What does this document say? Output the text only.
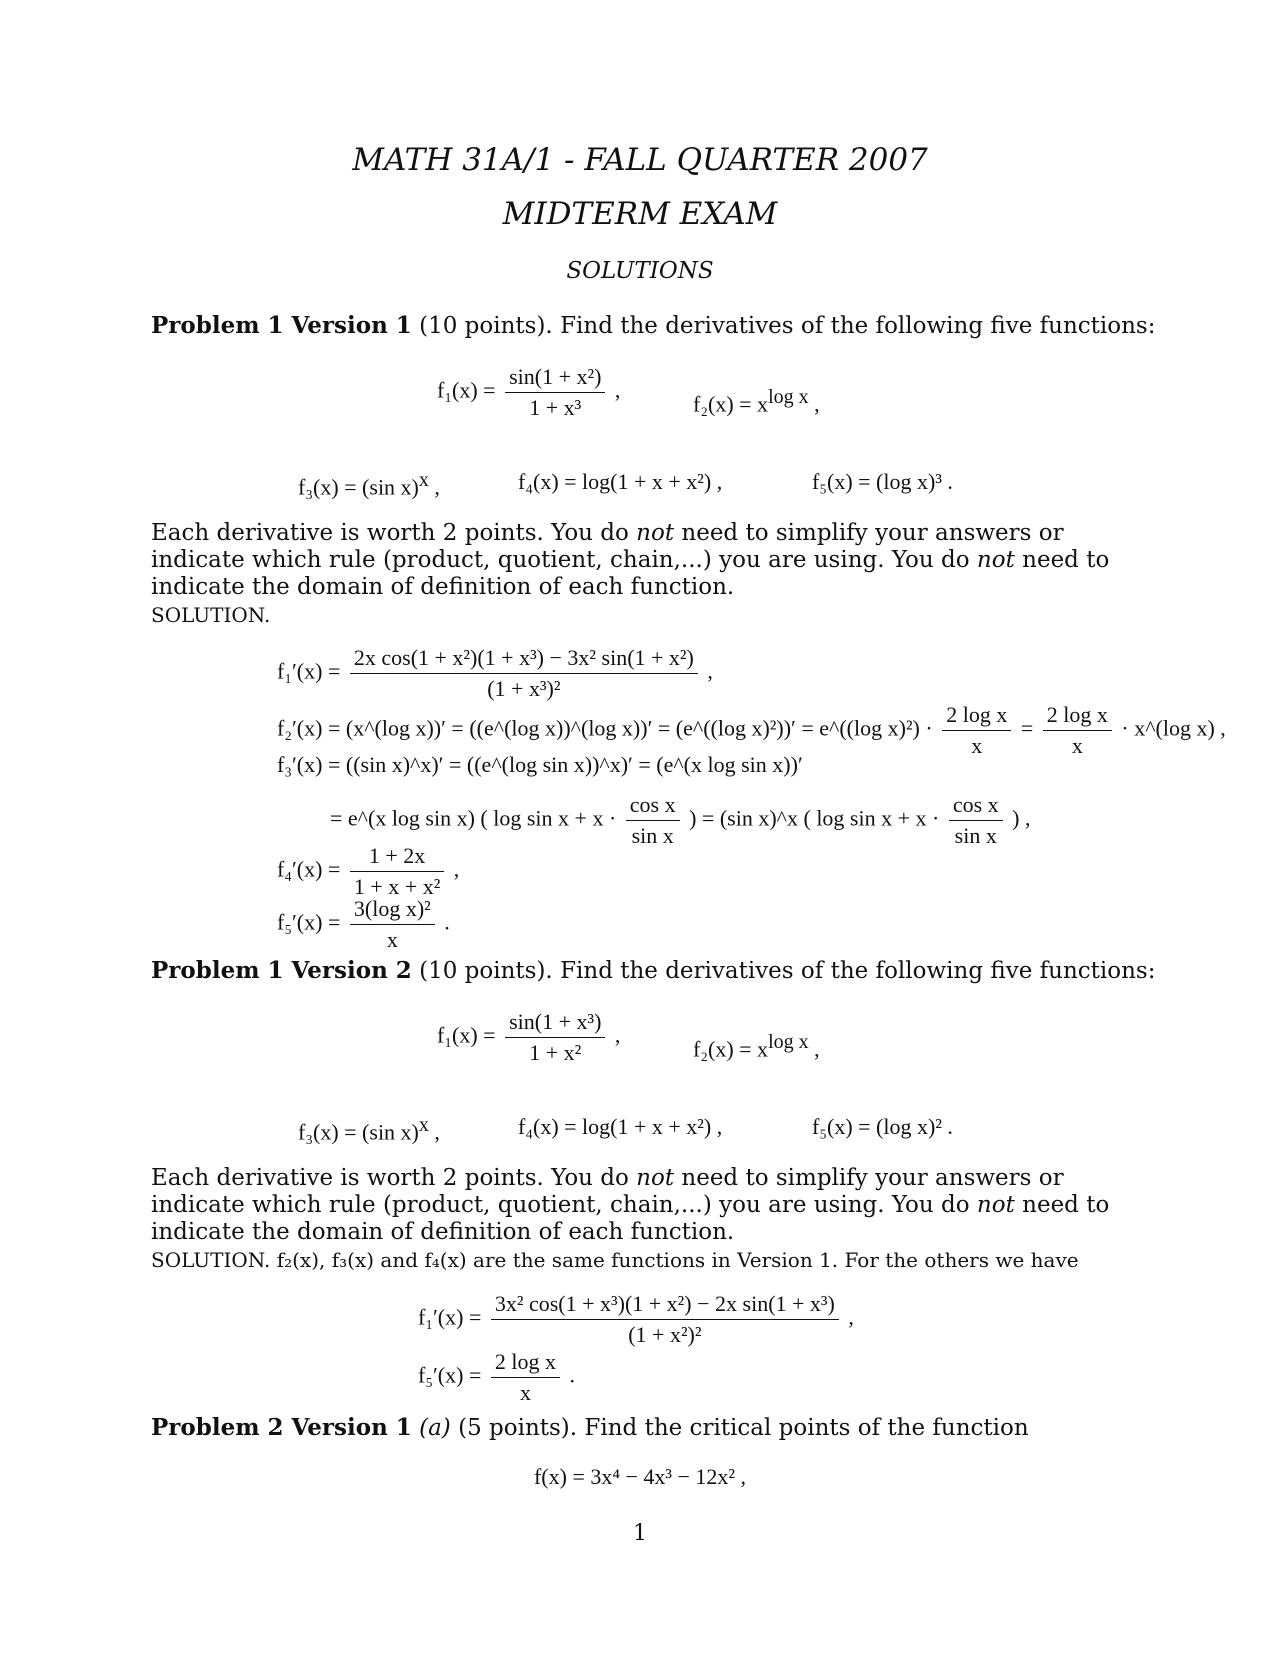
MATH 31A/1 - FALL QUARTER 2007
MIDTERM EXAM
SOLUTIONS
Problem 1 Version 1 (10 points). Find the derivatives of the following five functions:
$f_1(x) = \frac{\text{sin(1 + x²)}}{\text{1 + x³}}$ ,
$f_2(x) = x^{log x}$ ,
f₃(x) = (sin x)$^x$ ,	f₄(x) = log(1 + x + x²) ,	f₅(x) = (log x)³ .
Each derivative is worth 2 points. You do not need to simplify your answers or indicate which rule (product, quotient, chain,...) you are using. You do not need to indicate the domain of definition of each function.
SOLUTION.
$f_1'(x) = \frac{\text{2x cos(1 + x²)(1 + x³) − 3x² sin(1 + x²)}}{\text{(1 + x³)²}}$ ,
f₂′(x) = (x^(log x))′ = ((e^(log x))^(log x))′ = (e^((log x)²))′ = e^((log $x)^2) \cdot \frac{\text{2 log x}}{x} = \frac{\text{2 log x}}{x}$ · x^(log x) ,
f₃′(x) = ((sin x)^x)′ = ((e^(log sin x))^x)′ = (e^(x log sin x))′
= e^(x log sin x) ( $\log \sin x + x \cdot \frac{\text{cos x}}{\text{sin x}}$ ) = (sin x)^x ( $\log \sin x + x \cdot \frac{\text{cos x}}{\text{sin x}}$ ) ,
$f_4'(x) = \frac{1 + 2x}{\text{1 + x + x²}}$ ,
$f_5'(x) = \frac{\text{3(log x)²}}{x}$ .
Problem 1 Version 2 (10 points). Find the derivatives of the following five functions:
$f_1(x) = \frac{\text{sin(1 + x³)}}{\text{1 + x²}}$ ,
$f_2(x) = x^{log x}$ ,
f₃(x) = (sin x)$^x$ ,	f₄(x) = log(1 + x + x²) ,	f₅(x) = (log x)² .
Each derivative is worth 2 points. You do not need to simplify your answers or indicate which rule (product, quotient, chain,...) you are using. You do not need to indicate the domain of definition of each function.
SOLUTION. f₂(x), f₃(x) and f₄(x) are the same functions in Version 1. For the others we have
$f_1'(x) = \frac{\text{3x² cos(1 + x³)(1 + x²) − 2x sin(1 + x³)}}{\text{(1 + x²)²}}$ ,
$f_5'(x) = \frac{\text{2 log x}}{x}$ .
Problem 2 Version 1 (a) (5 points). Find the critical points of the function
f(x) = 3x⁴ − 4x³ − 12x² ,
1
